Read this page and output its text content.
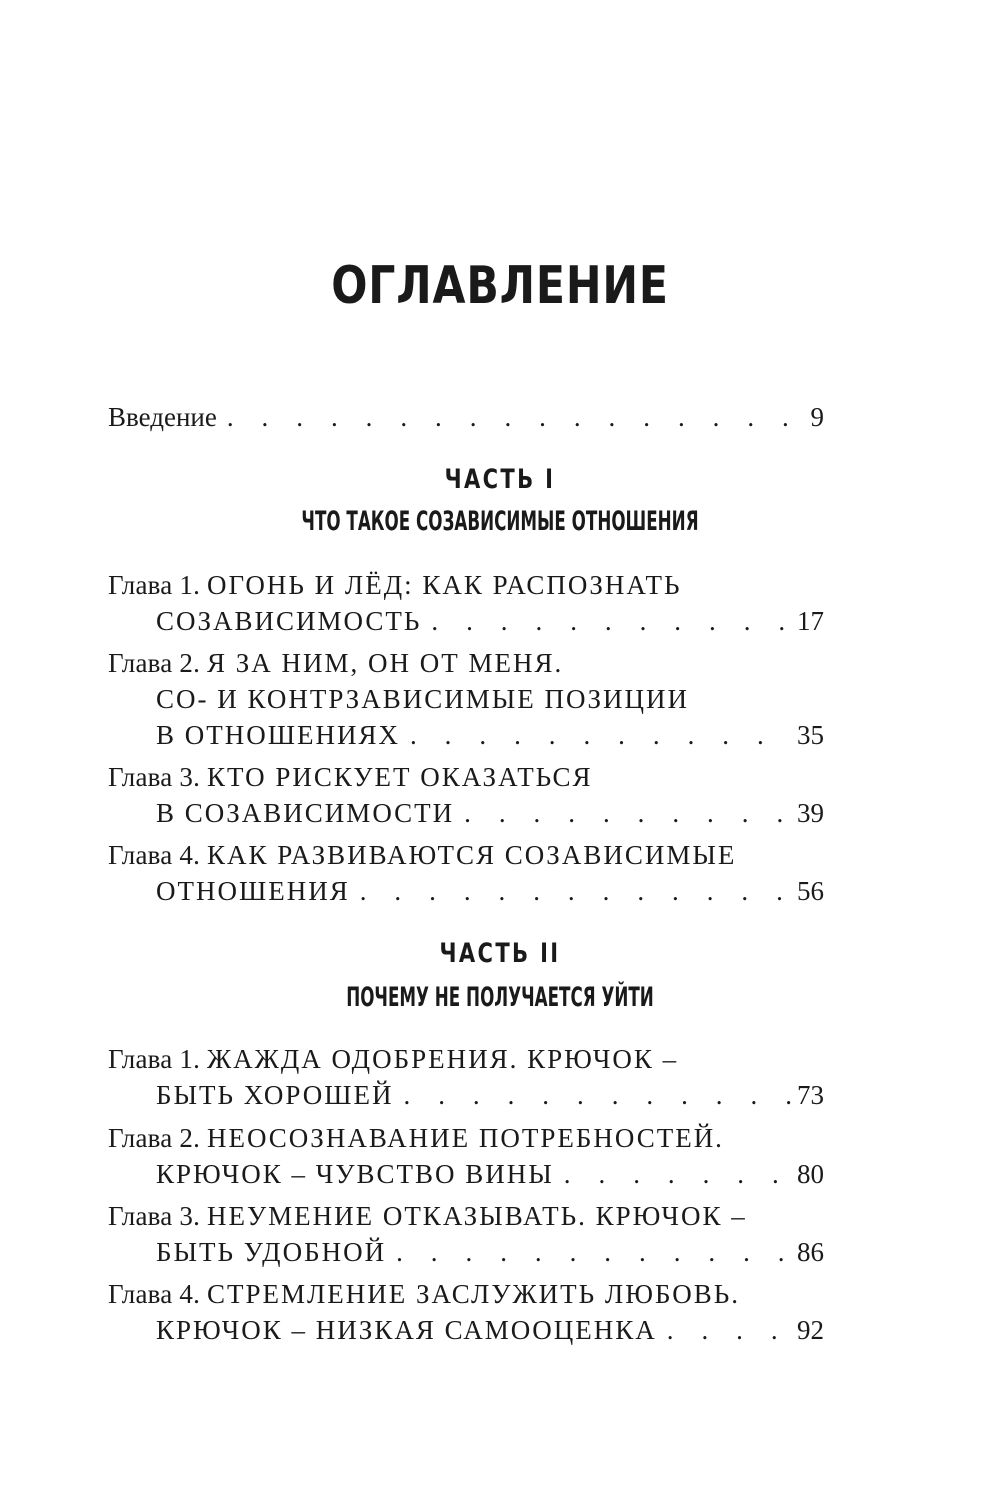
ОГЛАВЛЕНИЕ
Введение . . .	9
ЧАСТЬ I
ЧТО ТАКОЕ СОЗАВИСИМЫЕ ОТНОШЕНИЯ
Глава 1. ОГОНЬ И ЛЁД: КАК РАСПОЗНАТЬ
СОЗАВИСИМОСТЬ . . .	17
Глава 2. Я ЗА НИМ, ОН ОТ МЕНЯ.
СО- И КОНТРЗАВИСИМЫЕ ПОЗИЦИИ
В ОТНОШЕНИЯХ . . .	35
Глава 3. КТО РИСКУЕТ ОКАЗАТЬСЯ
В СОЗАВИСИМОСТИ . . .	39
Глава 4. КАК РАЗВИВАЮТСЯ СОЗАВИСИМЫЕ
ОТНОШЕНИЯ . . .	56
ЧАСТЬ II
ПОЧЕМУ НЕ ПОЛУЧАЕТСЯ УЙТИ
Глава 1. ЖАЖДА ОДОБРЕНИЯ. КРЮЧОК –
БЫТЬ ХОРОШЕЙ . . .	73
Глава 2. НЕОСОЗНАВАНИЕ ПОТРЕБНОСТЕЙ.
КРЮЧОК – ЧУВСТВО ВИНЫ . . .	80
Глава 3. НЕУМЕНИЕ ОТКАЗЫВАТЬ. КРЮЧОК –
БЫТЬ УДОБНОЙ . . .	86
Глава 4. СТРЕМЛЕНИЕ ЗАСЛУЖИТЬ ЛЮБОВЬ.
КРЮЧОК – НИЗКАЯ САМООЦЕНКА . . .	92
